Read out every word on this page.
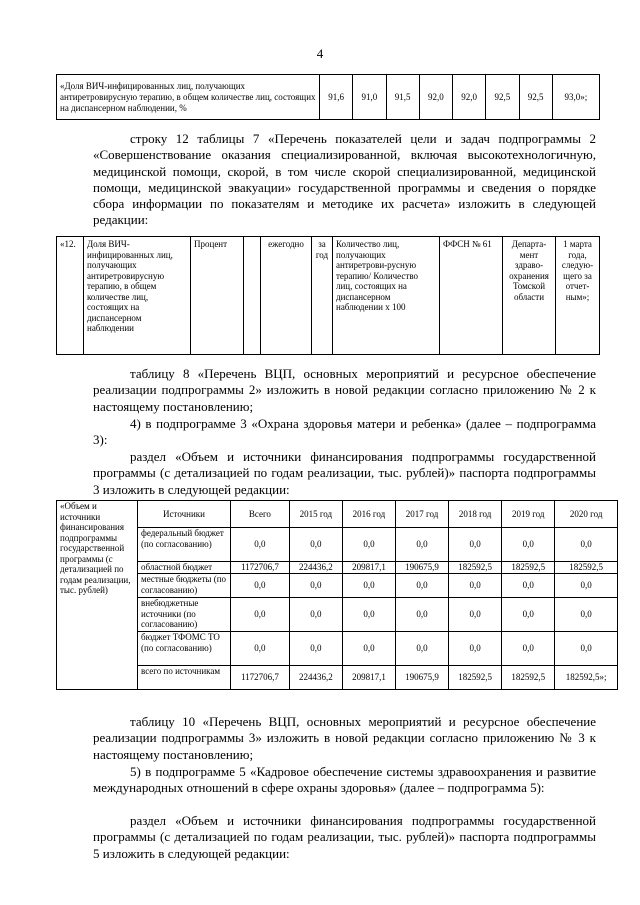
4
«Доля ВИЧ-инфицированных лиц, получающих антиретровирусную терапию, в общем количестве лиц, состоящих на диспансерном наблюдении, %	91,6	91,0	91,5	92,0	92,0	92,5	92,5	93,0»;
строку 12 таблицы 7 «Перечень показателей цели и задач подпрограммы 2 «Совершенствование оказания специализированной, включая высокотехнологичную, медицинской помощи, скорой, в том числе скорой специализированной, медицинской помощи, медицинской эвакуации» государственной программы и сведения о порядке сбора информации по показателям и методике их расчета» изложить в следующей редакции:
«12.	Доля ВИЧ-инфицированных лиц, получающих антиретровирусную терапию, в общем количестве лиц, состоящих на диспансерном наблюдении	Процент		ежегодно	за год	Количество лиц, получающих антиретрови-русную терапию/ Количество лиц, состоящих на диспансерном наблюдении x 100	ФФСН № 61	Департа-мент здраво-охранения Томской области	1 марта года, следую-щего за отчет-ным»;
таблицу 8 «Перечень ВЦП, основных мероприятий и ресурсное обеспечение реализации подпрограммы 2» изложить в новой редакции согласно приложению № 2 к настоящему постановлению;
4) в подпрограмме 3 «Охрана здоровья матери и ребенка» (далее – подпрограмма 3):
раздел «Объем и источники финансирования подпрограммы государственной программы (с детализацией по годам реализации, тыс. рублей)» паспорта подпрограммы 3 изложить в следующей редакции:
«Объем и источники финансирования подпрограммы государственной программы (с детализацией по годам реализации, тыс. рублей)	Источники	Всего	2015 год	2016 год	2017 год	2018 год	2019 год	2020 год
	федеральный бюджет (по согласованию)	0,0	0,0	0,0	0,0	0,0	0,0	0,0
	областной бюджет	1172706,7	224436,2	209817,1	190675,9	182592,5	182592,5	182592,5
	местные бюджеты (по согласованию)	0,0	0,0	0,0	0,0	0,0	0,0	0,0
	внебюджетные источники (по согласованию)	0,0	0,0	0,0	0,0	0,0	0,0	0,0
	бюджет ТФОМС ТО (по согласованию)	0,0	0,0	0,0	0,0	0,0	0,0	0,0
	всего по источникам	1172706,7	224436,2	209817,1	190675,9	182592,5	182592,5	182592,5»;
таблицу 10 «Перечень ВЦП, основных мероприятий и ресурсное обеспечение реализации подпрограммы 3» изложить в новой редакции согласно приложению № 3 к настоящему постановлению;
5) в подпрограмме 5 «Кадровое обеспечение системы здравоохранения и развитие международных отношений в сфере охраны здоровья» (далее – подпрограмма 5):
раздел «Объем и источники финансирования подпрограммы государственной программы (с детализацией по годам реализации, тыс. рублей)» паспорта подпрограммы 5 изложить в следующей редакции:
